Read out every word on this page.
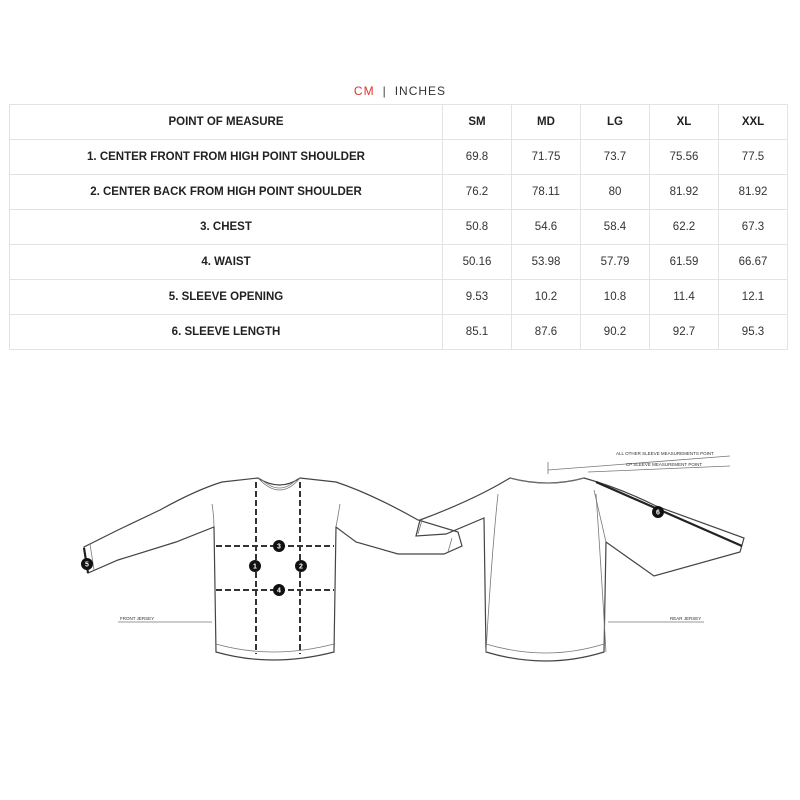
CM | INCHES
POINT OF MEASURE	SM	MD	LG	XL	XXL
1. CENTER FRONT FROM HIGH POINT SHOULDER	69.8	71.75	73.7	75.56	77.5
2. CENTER BACK FROM HIGH POINT SHOULDER	76.2	78.11	80	81.92	81.92
3. CHEST	50.8	54.6	58.4	62.2	67.3
4. WAIST	50.16	53.98	57.79	61.59	66.67
5. SLEEVE OPENING	9.53	10.2	10.8	11.4	12.1
6. SLEEVE LENGTH	85.1	87.6	90.2	92.7	95.3
1	2
3
4
5
FRONT JERSEY
ALL OTHER SLEEVE MEASUREMENTS POINT
CP SLEEVE MEASUREMENT POINT
6
REAR JERSEY
